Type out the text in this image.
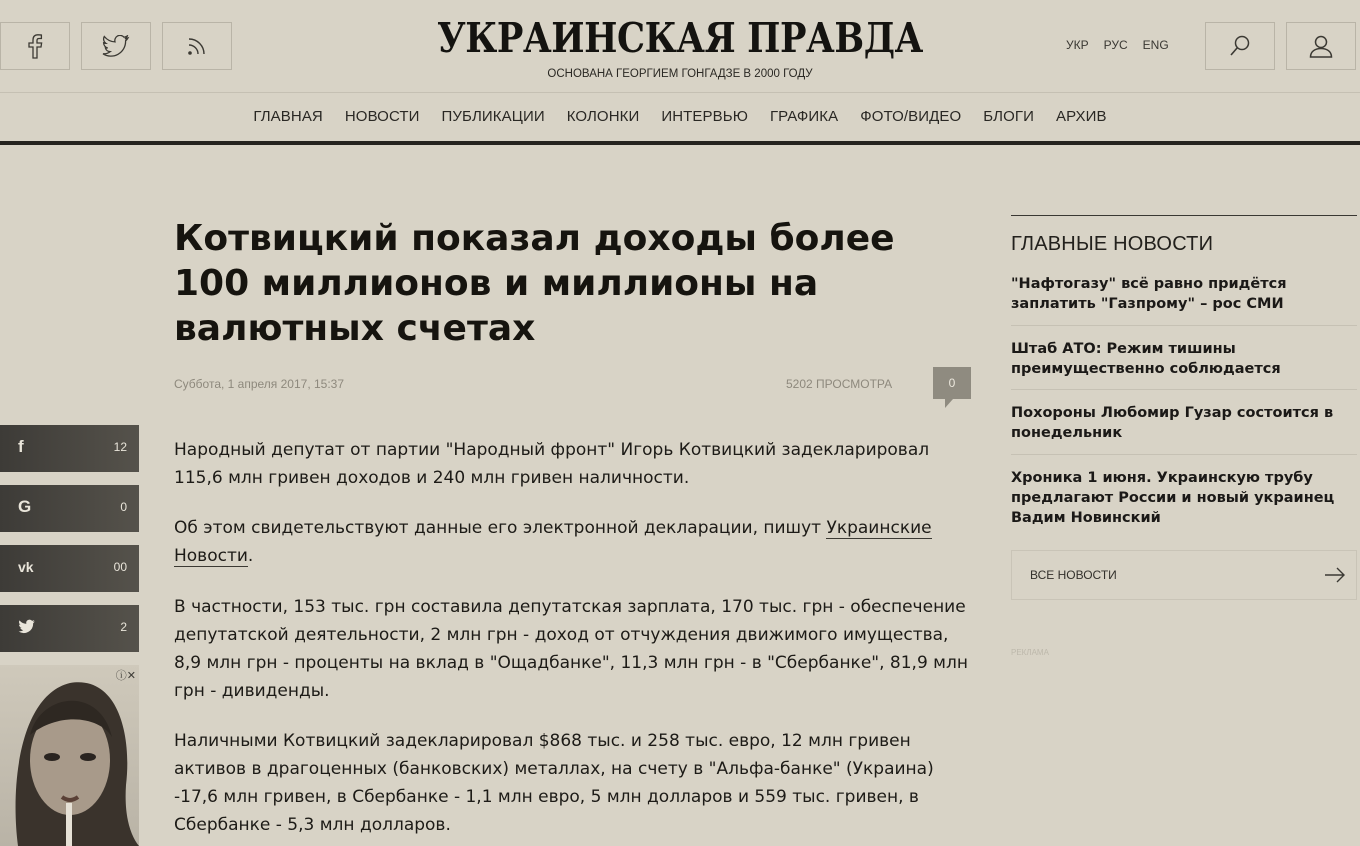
УКРАИНСКАЯ ПРАВДА
ОСНОВАНА ГЕОРГИЕМ ГОНГАДЗЕ В 2000 ГОДУ
УКР РУС ENG
ГЛАВНАЯ НОВОСТИ ПУБЛИКАЦИИ КОЛОНКИ ИНТЕРВЬЮ ГРАФИКА ФОТО/ВИДЕО БЛОГИ АРХИВ
Котвицкий показал доходы более 100 миллионов и миллионы на валютных счетах
Суббота, 1 апреля 2017, 15:37	5202 ПРОСМОТРА	0

Народный депутат от партии "Народный фронт" Игорь Котвицкий задекларировал 115,6 млн гривен доходов и 240 млн гривен наличности.

Об этом свидетельствуют данные его электронной декларации, пишут Украинские Новости.

В частности, 153 тыс. грн составила депутатская зарплата, 170 тыс. грн - обеспечение депутатской деятельности, 2 млн грн - доход от отчуждения движимого имущества, 8,9 млн грн - проценты на вклад в "Ощадбанке", 11,3 млн грн - в "Сбербанке", 81,9 млн грн - дивиденды.

Наличными Котвицкий задекларировал $868 тыс. и 258 тыс. евро, 12 млн гривен активов в драгоценных (банковских) металлах, на счету в "Альфа-банке" (Украина) -17,6 млн гривен, в Сбербанке - 1,1 млн евро, 5 млн долларов и 559 тыс. гривен, в Сбербанке - 5,3 млн долларов.

f	12
G	0
vk	00
2
ⓘ✕
ГЛАВНЫЕ НОВОСТИ
"Нафтогазу" всё равно придётся заплатить "Газпрому" – рос СМИ
Штаб АТО: Режим тишины преимущественно соблюдается
Похороны Любомир Гузар состоится в понедельник
Хроника 1 июня. Украинскую трубу предлагают России и новый украинец Вадим Новинский
ВСЕ НОВОСТИ
РЕКЛАМА
